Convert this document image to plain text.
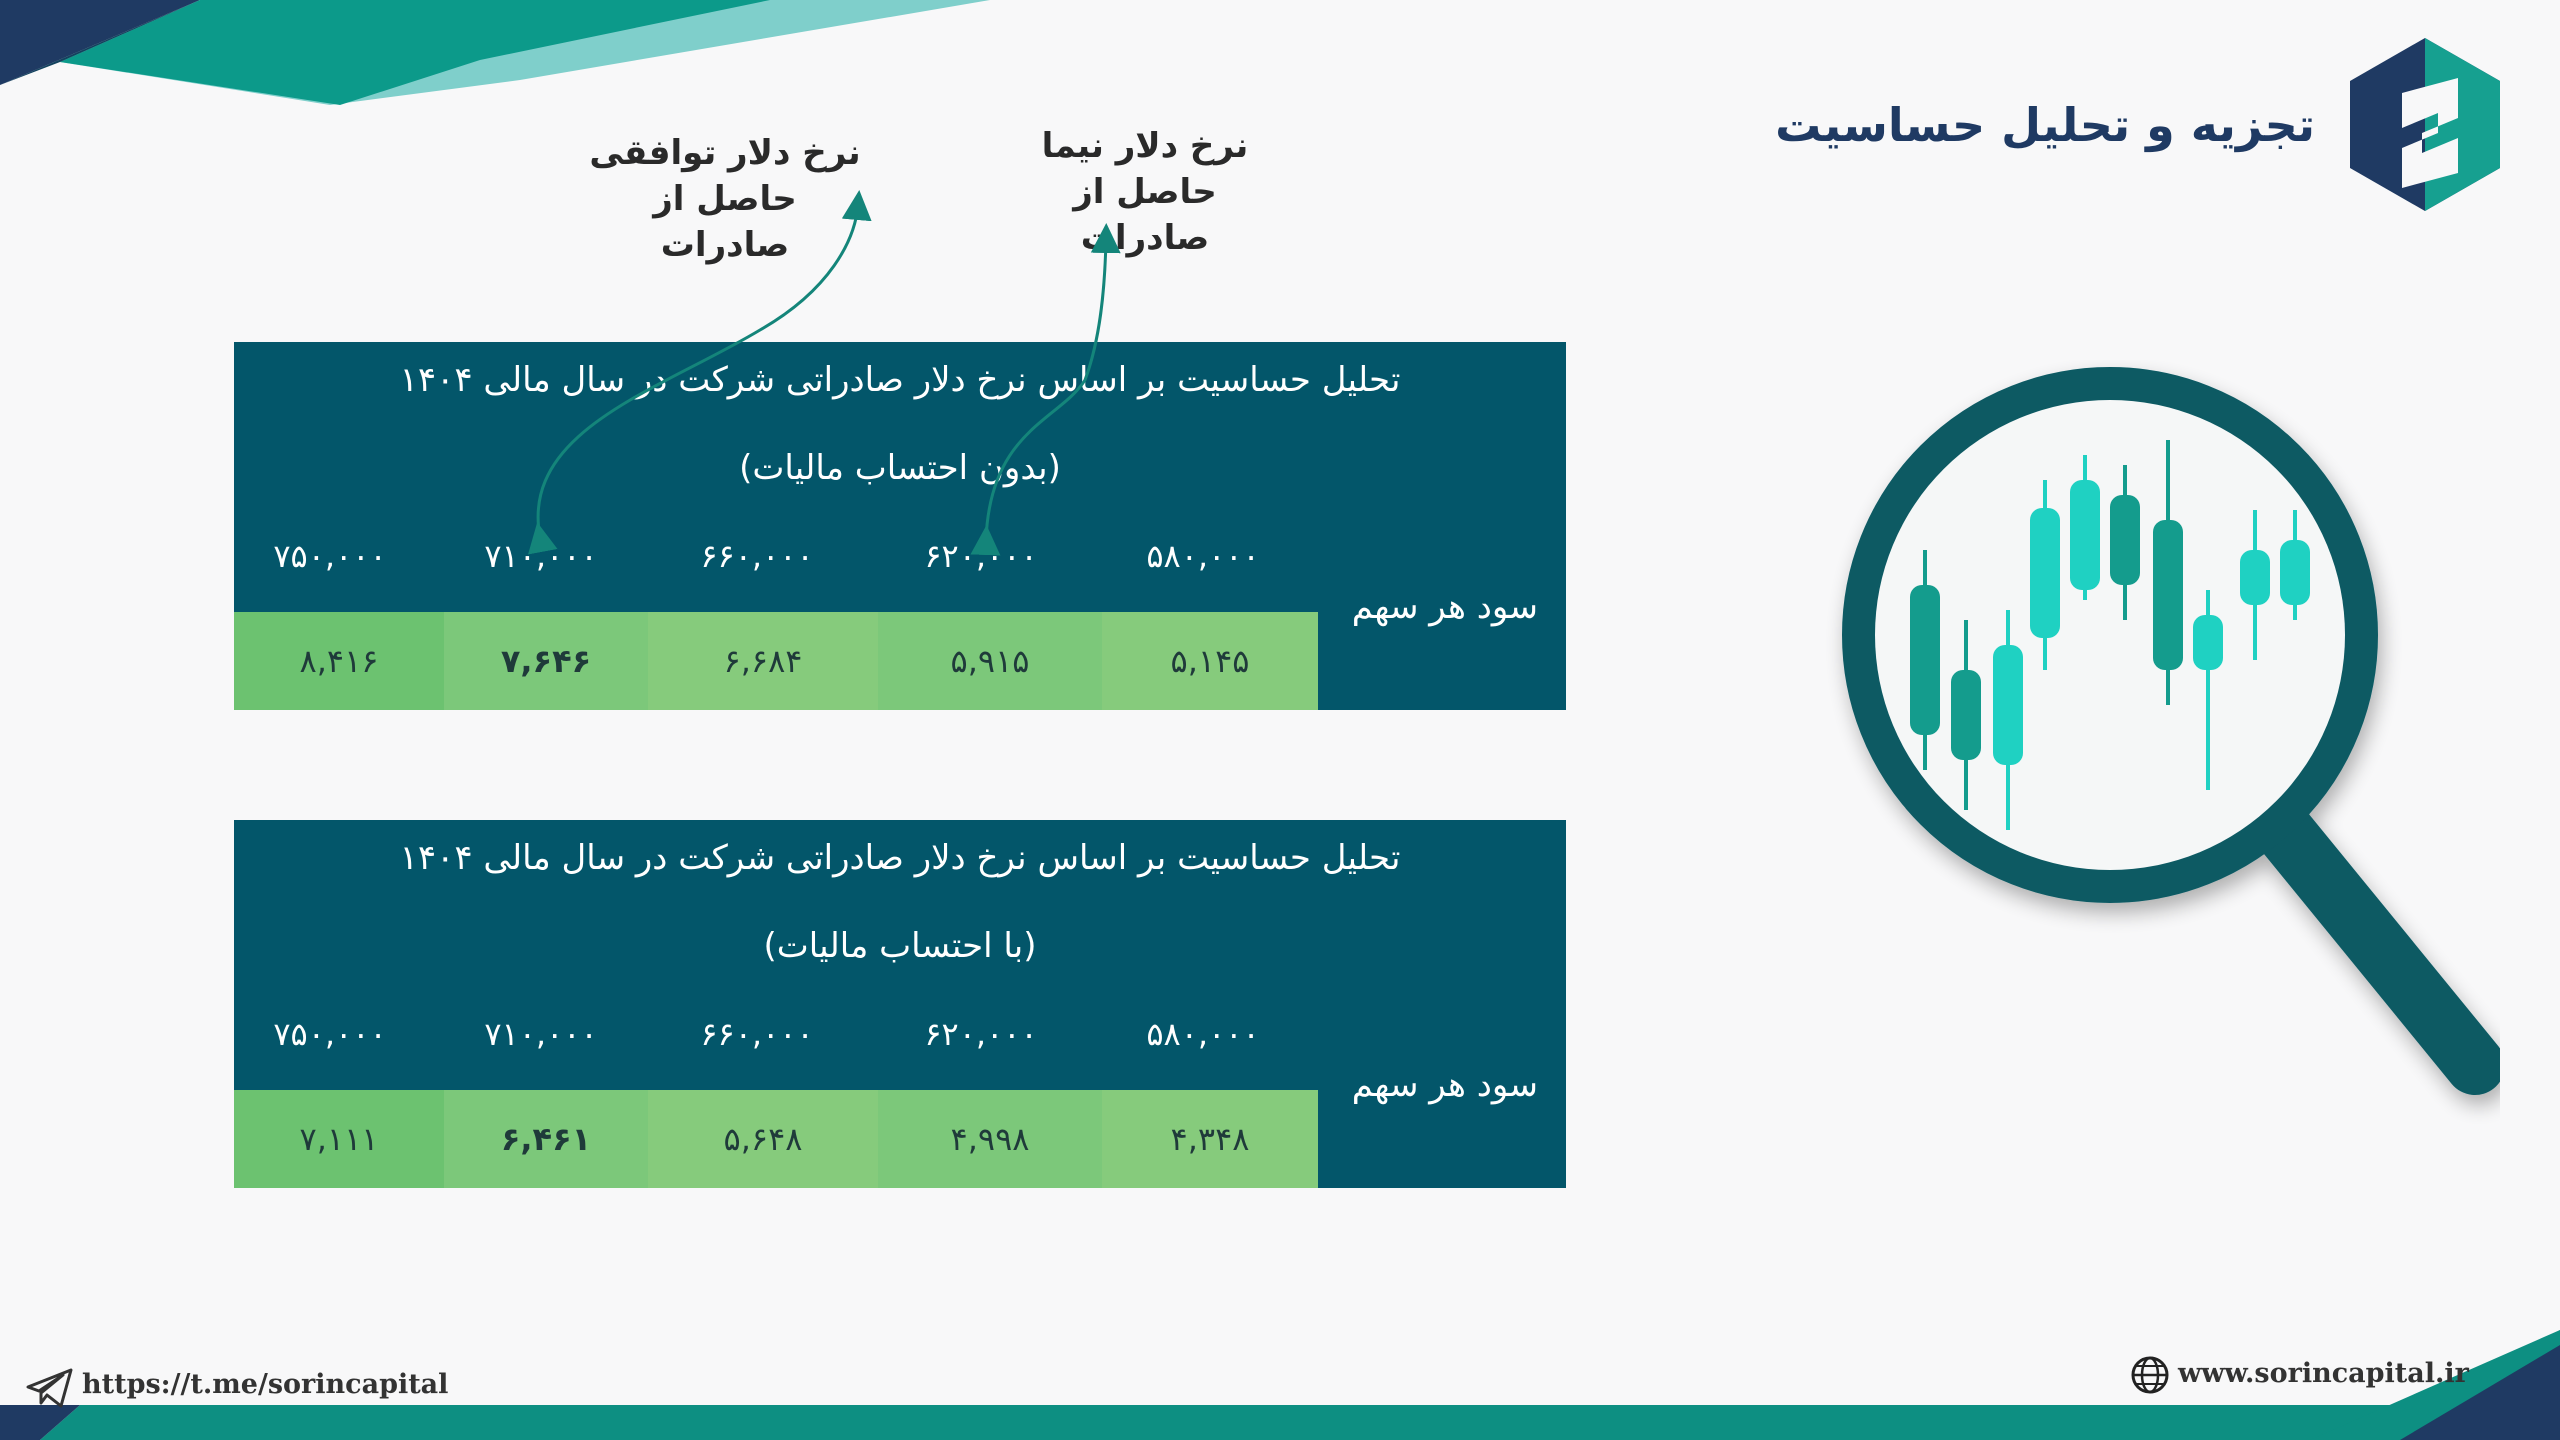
تجزیه و تحلیل حساسیت
نرخ دلار توافقی
حاصل از صادرات
نرخ دلار نیما
حاصل از صادرات
تحلیل حساسیت بر اساس نرخ دلار صادراتی شرکت در سال مالی ۱۴۰۴
(بدون احتساب مالیات)
۷۵۰,۰۰۰	۷۱۰,۰۰۰	۶۶۰,۰۰۰	۶۲۰,۰۰۰	۵۸۰,۰۰۰
سود هر سهم
۸,۴۱۶	۷,۶۴۶	۶,۶۸۴	۵,۹۱۵	۵,۱۴۵
تحلیل حساسیت بر اساس نرخ دلار صادراتی شرکت در سال مالی ۱۴۰۴
(با احتساب مالیات)
۷۵۰,۰۰۰	۷۱۰,۰۰۰	۶۶۰,۰۰۰	۶۲۰,۰۰۰	۵۸۰,۰۰۰
سود هر سهم
۷,۱۱۱	۶,۴۶۱	۵,۶۴۸	۴,۹۹۸	۴,۳۴۸
https://t.me/sorincapital	www.sorincapital.ir
